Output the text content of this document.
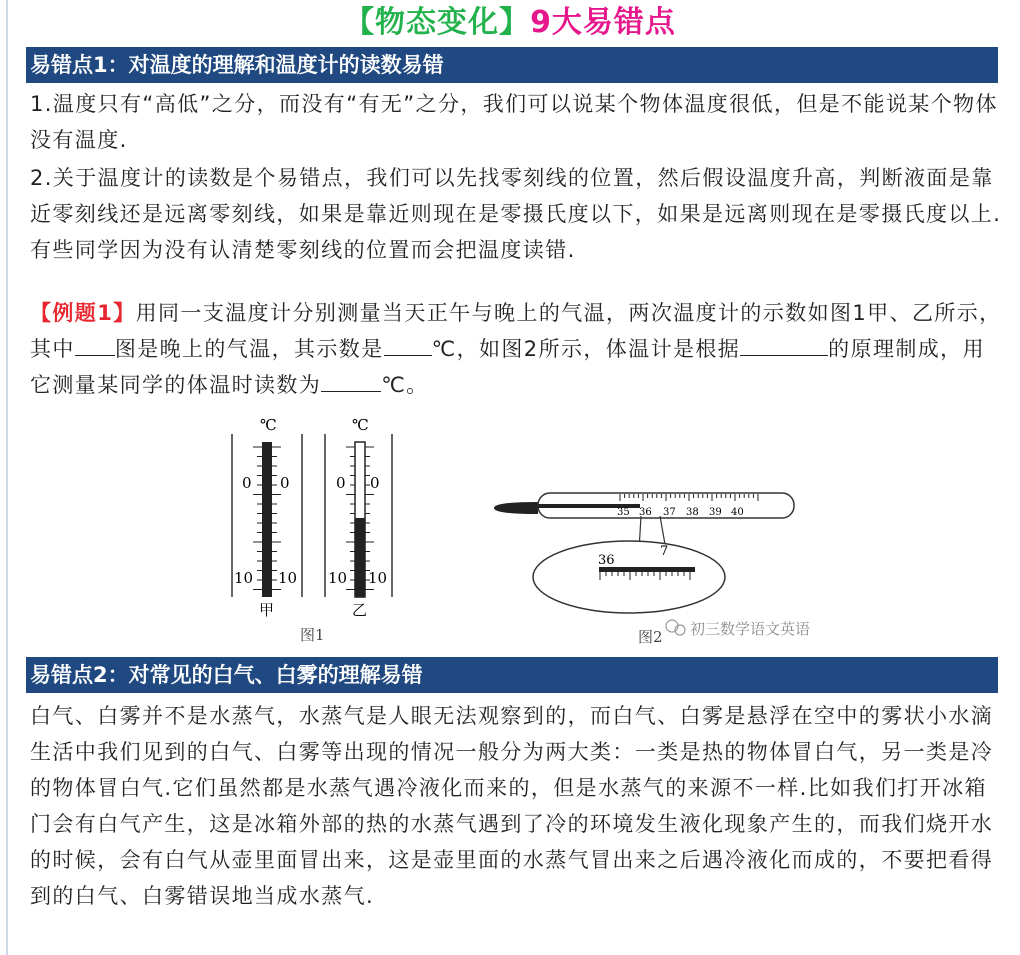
【物态变化】9大易错点
易错点1：对温度的理解和温度计的读数易错

1.温度只有“高低”之分，而没有“有无”之分，我们可以说某个物体温度很低，但是不能说某个物体没有温度.

2.关于温度计的读数是个易错点，我们可以先找零刻线的位置，然后假设温度升高，判断液面是靠近零刻线还是远离零刻线，如果是靠近则现在是零摄氏度以下，如果是远离则现在是零摄氏度以上.有些同学因为没有认清楚零刻线的位置而会把温度读错.

【例题1】用同一支温度计分别测量当天正午与晚上的气温，两次温度计的示数如图1甲、乙所示，其中 图是晚上的气温，其示数是 ℃，如图2所示，体温计是根据	的原理制成，用它测量某同学的体温时读数为	℃。

℃
0 0
10 10
甲
℃
0 0
10 10
乙
图1
35 36 37 38 39 40
36
7
图2 初三数学语文英语
易错点2：对常见的白气、白雾的理解易错

白气、白雾并不是水蒸气，水蒸气是人眼无法观察到的，而白气、白雾是悬浮在空中的雾状小水滴生活中我们见到的白气、白雾等出现的情况一般分为两大类：一类是热的物体冒白气，另一类是冷的物体冒白气.它们虽然都是水蒸气遇冷液化而来的，但是水蒸气的来源不一样.比如我们打开冰箱门会有白气产生，这是冰箱外部的热的水蒸气遇到了冷的环境发生液化现象产生的，而我们烧开水的时候，会有白气从壶里面冒出来，这是壶里面的水蒸气冒出来之后遇冷液化而成的，不要把看得到的白气、白雾错误地当成水蒸气.
